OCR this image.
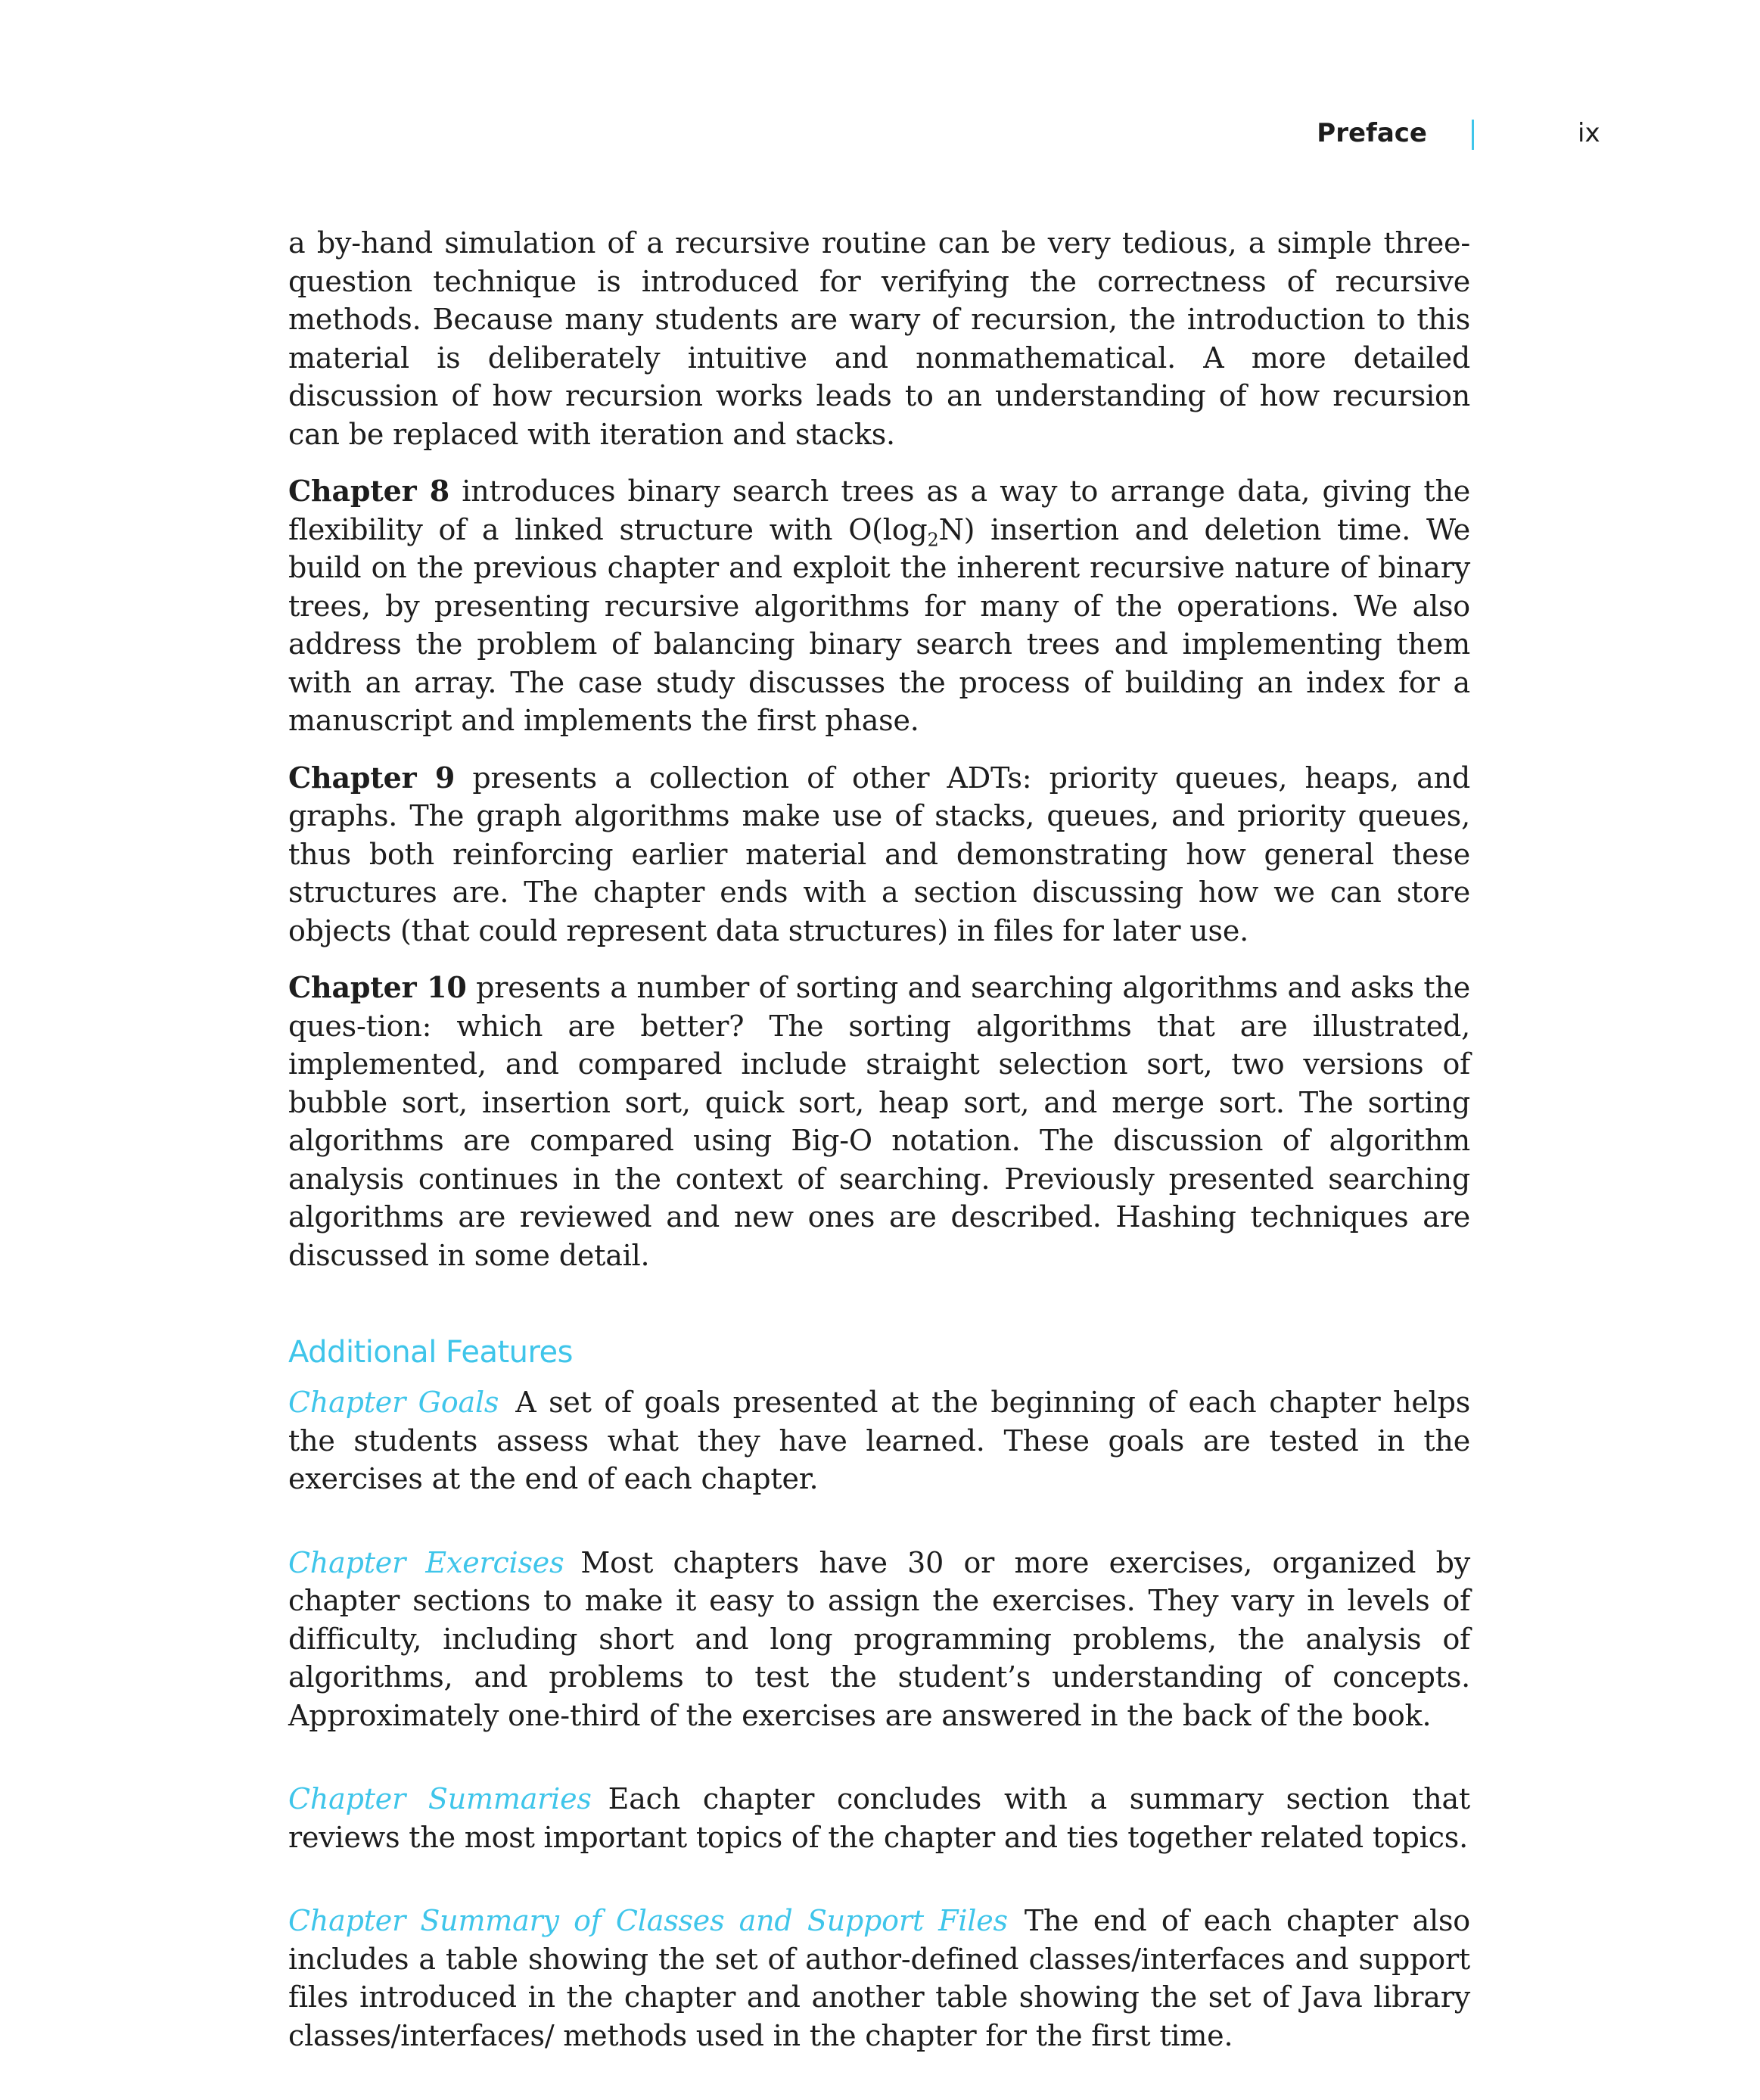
Preface	ix

a by-hand simulation of a recursive routine can be very tedious, a simple three-question technique is introduced for verifying the correctness of recursive methods. Because many students are wary of recursion, the introduction to this material is deliberately intuitive and nonmathematical. A more detailed discussion of how recursion works leads to an understanding of how recursion can be replaced with iteration and stacks.

Chapter 8 introduces binary search trees as a way to arrange data, giving the flexibility of a linked structure with $O(\log_2N)$ insertion and deletion time. We build on the previous chapter and exploit the inherent recursive nature of binary trees, by presenting recursive algorithms for many of the operations. We also address the problem of balancing binary search trees and implementing them with an array. The case study discusses the process of building an index for a manuscript and implements the first phase.

Chapter 9 presents a collection of other ADTs: priority queues, heaps, and graphs. The graph algorithms make use of stacks, queues, and priority queues, thus both reinforcing earlier material and demonstrating how general these structures are. The chapter ends with a section discussing how we can store objects (that could represent data structures) in files for later use.

Chapter 10 presents a number of sorting and searching algorithms and asks the ques-tion: which are better? The sorting algorithms that are illustrated, implemented, and compared include straight selection sort, two versions of bubble sort, insertion sort, quick sort, heap sort, and merge sort. The sorting algorithms are compared using Big-O notation. The discussion of algorithm analysis continues in the context of searching. Previously presented searching algorithms are reviewed and new ones are described. Hashing techniques are discussed in some detail.

Additional Features

Chapter Goals A set of goals presented at the beginning of each chapter helps the students assess what they have learned. These goals are tested in the exercises at the end of each chapter.

Chapter Exercises Most chapters have 30 or more exercises, organized by chapter sections to make it easy to assign the exercises. They vary in levels of difficulty, including short and long programming problems, the analysis of algorithms, and problems to test the student’s understanding of concepts. Approximately one-third of the exercises are answered in the back of the book.

Chapter Summaries Each chapter concludes with a summary section that reviews the most important topics of the chapter and ties together related topics.

Chapter Summary of Classes and Support Files The end of each chapter also includes a table showing the set of author-defined classes/interfaces and support files introduced in the chapter and another table showing the set of Java library classes/interfaces/ methods used in the chapter for the first time.
